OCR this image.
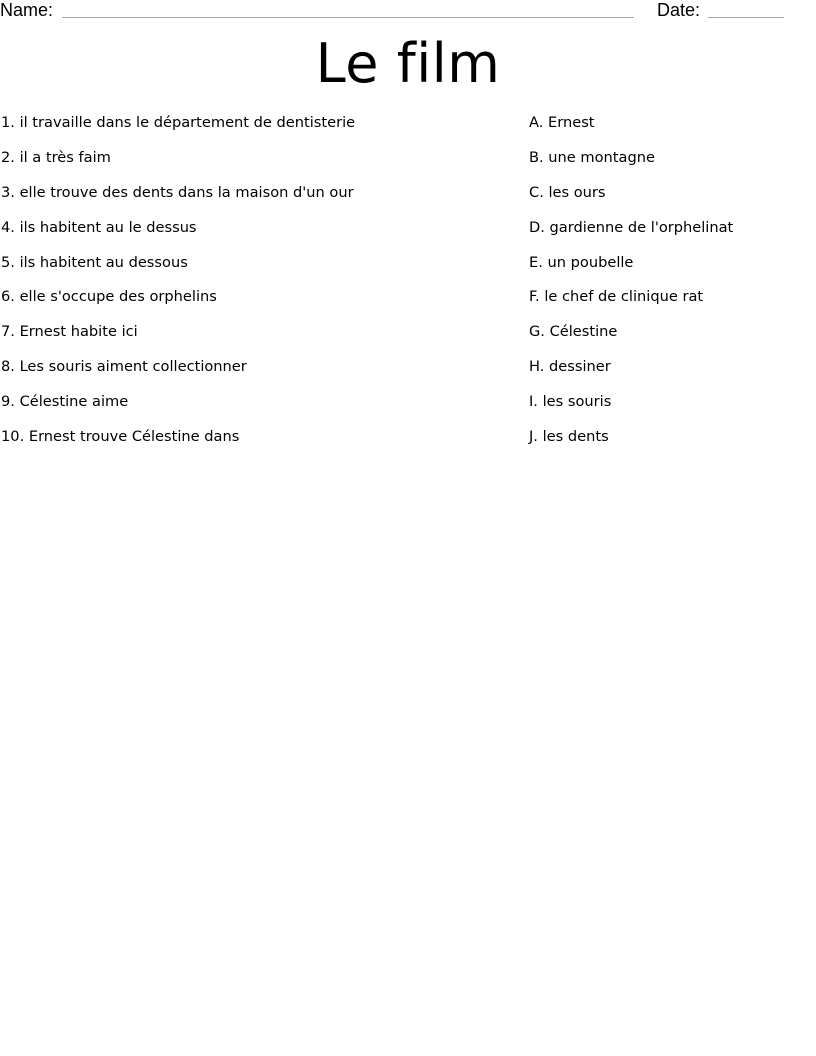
Name:	Date:
Le film
1. il travaille dans le département de dentisterie	A. Ernest
2. il a très faim	B. une montagne
3. elle trouve des dents dans la maison d'un our	C. les ours
4. ils habitent au le dessus	D. gardienne de l'orphelinat
5. ils habitent au dessous	E. un poubelle
6. elle s'occupe des orphelins	F. le chef de clinique rat
7. Ernest habite ici	G. Célestine
8. Les souris aiment collectionner	H. dessiner
9. Célestine aime	I. les souris
10. Ernest trouve Célestine dans	J. les dents
